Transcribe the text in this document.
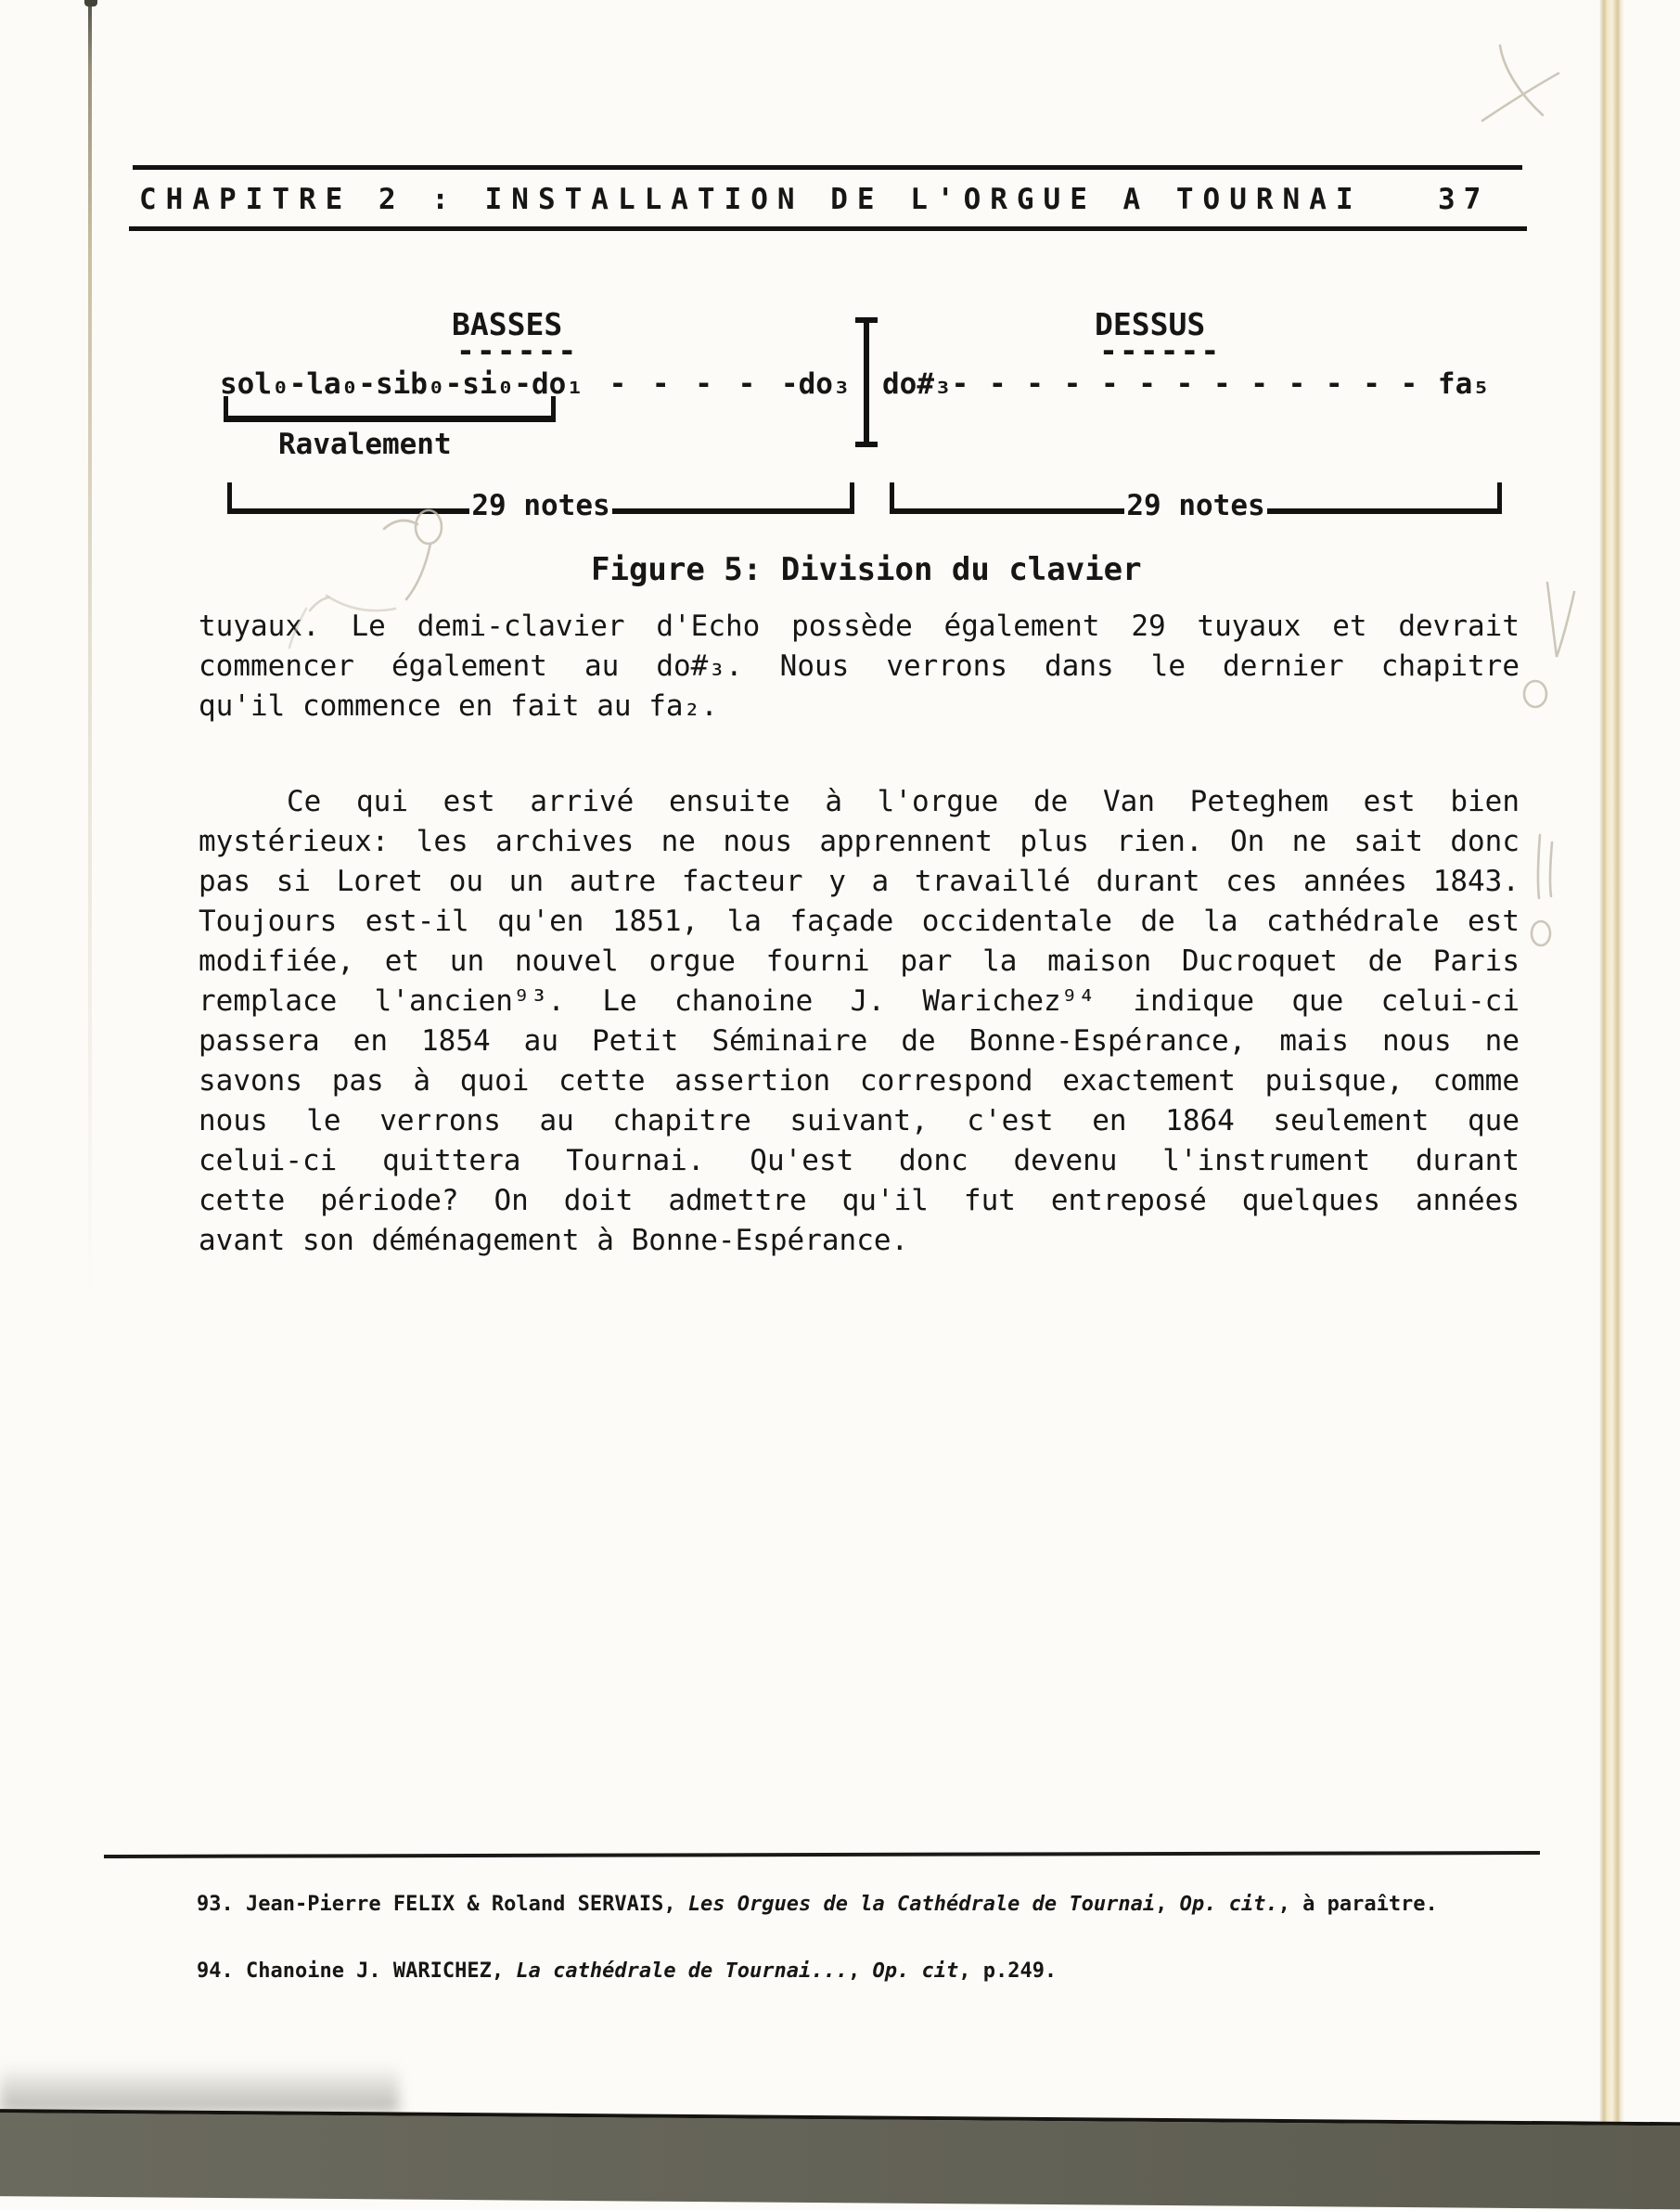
CHAPITRE 2 : INSTALLATION DE L'ORGUE A TOURNAI	37
BASSES
------
DESSUS
------
sol₀-la₀-sib₀-si₀-do₁ - - - - -do₃ do#₃- - - - - - - - - - - - - fa₅
Ravalement
29 notes	29 notes
Figure 5: Division du clavier
tuyaux. Le demi-clavier d'Echo possède également 29 tuyaux et devrait
commencer également au do#₃. Nous verrons dans le dernier chapitre
qu'il commence en fait au fa₂.
Ce qui est arrivé ensuite à l'orgue de Van Peteghem est bien
mystérieux: les archives ne nous apprennent plus rien. On ne sait donc
pas si Loret ou un autre facteur y a travaillé durant ces années 1843.
Toujours est-il qu'en 1851, la façade occidentale de la cathédrale est
modifiée, et un nouvel orgue fourni par la maison Ducroquet de Paris
remplace l'ancien⁹³. Le chanoine J. Warichez⁹⁴ indique que celui-ci
passera en 1854 au Petit Séminaire de Bonne-Espérance, mais nous ne
savons pas à quoi cette assertion correspond exactement puisque, comme
nous le verrons au chapitre suivant, c'est en 1864 seulement que
celui-ci quittera Tournai. Qu'est donc devenu l'instrument durant
cette période? On doit admettre qu'il fut entreposé quelques années
avant son déménagement à Bonne-Espérance.
93. Jean-Pierre FELIX & Roland SERVAIS, Les Orgues de la Cathédrale de Tournai, Op. cit., à paraître.
94. Chanoine J. WARICHEZ, La cathédrale de Tournai..., Op. cit, p.249.
